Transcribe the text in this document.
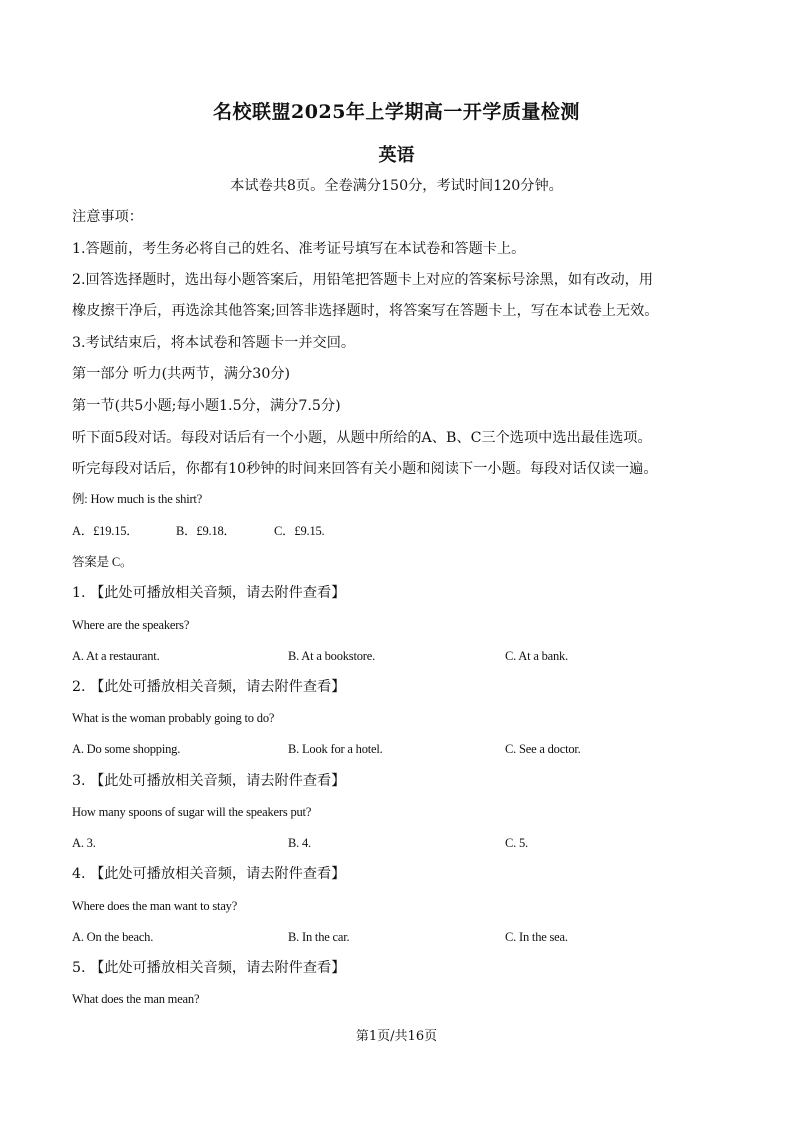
名校联盟2025年上学期高一开学质量检测
英语
本试卷共8页。全卷满分150分，考试时间120分钟。
注意事项：
1.答题前，考生务必将自己的姓名、准考证号填写在本试卷和答题卡上。
2.回答选择题时，选出每小题答案后，用铅笔把答题卡上对应的答案标号涂黑，如有改动，用
橡皮擦干净后，再选涂其他答案;回答非选择题时，将答案写在答题卡上，写在本试卷上无效。
3.考试结束后，将本试卷和答题卡一并交回。
第一部分 听力(共两节，满分30分)
第一节(共5小题;每小题1.5分，满分7.5分)
听下面5段对话。每段对话后有一个小题，从题中所给的A、B、C三个选项中选出最佳选项。
听完每段对话后，你都有10秒钟的时间来回答有关小题和阅读下一小题。每段对话仅读一遍。
例: How much is the shirt?
A．£19.15．	B．£9.18．	C．£9.15.
答案是 C。
1. 【此处可播放相关音频，请去附件查看】
Where are the speakers?
A. At a restaurant.	B. At a bookstore.	C. At a bank.
2. 【此处可播放相关音频，请去附件查看】
What is the woman probably going to do?
A. Do some shopping.	B. Look for a hotel.	C. See a doctor.
3. 【此处可播放相关音频，请去附件查看】
How many spoons of sugar will the speakers put?
A. 3.	B. 4.	C. 5.
4. 【此处可播放相关音频，请去附件查看】
Where does the man want to stay?
A. On the beach.	B. In the car.	C. In the sea.
5. 【此处可播放相关音频，请去附件查看】
What does the man mean?
第1页/共16页
